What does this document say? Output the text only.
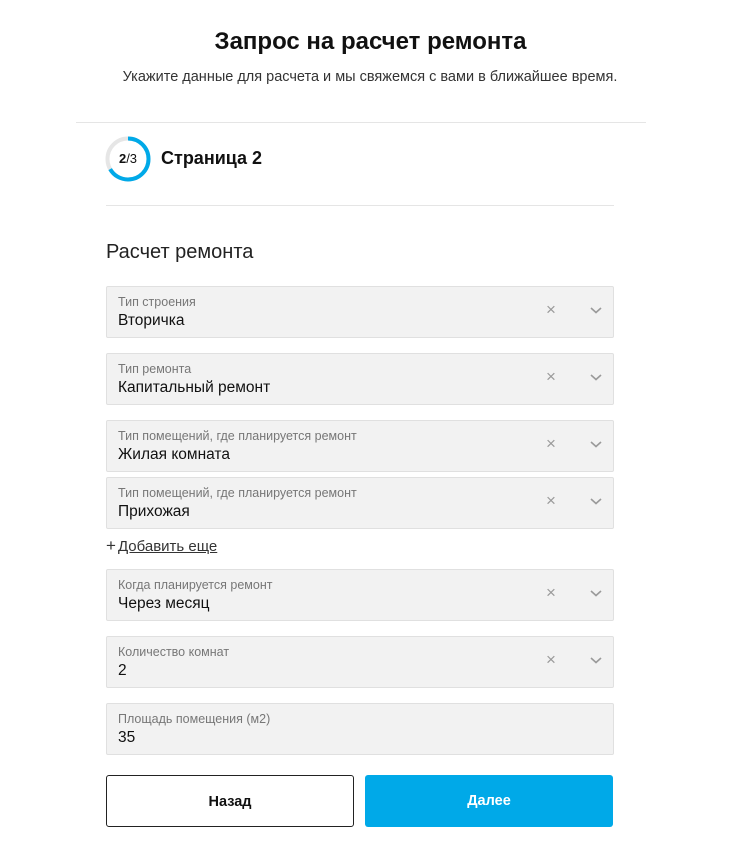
Запрос на расчет ремонта
Укажите данные для расчета и мы свяжемся с вами в ближайшее время.
2/3	Страница 2
Расчет ремонта
Тип строения
Вторичка
×
Тип ремонта
Капитальный ремонт
×
Тип помещений, где планируется ремонт
Жилая комната
×
Тип помещений, где планируется ремонт
Прихожая
×
+ Добавить еще
Когда планируется ремонт
Через месяц
×
Количество комнат
2
×
Площадь помещения (м2)
35
Назад	Далее
